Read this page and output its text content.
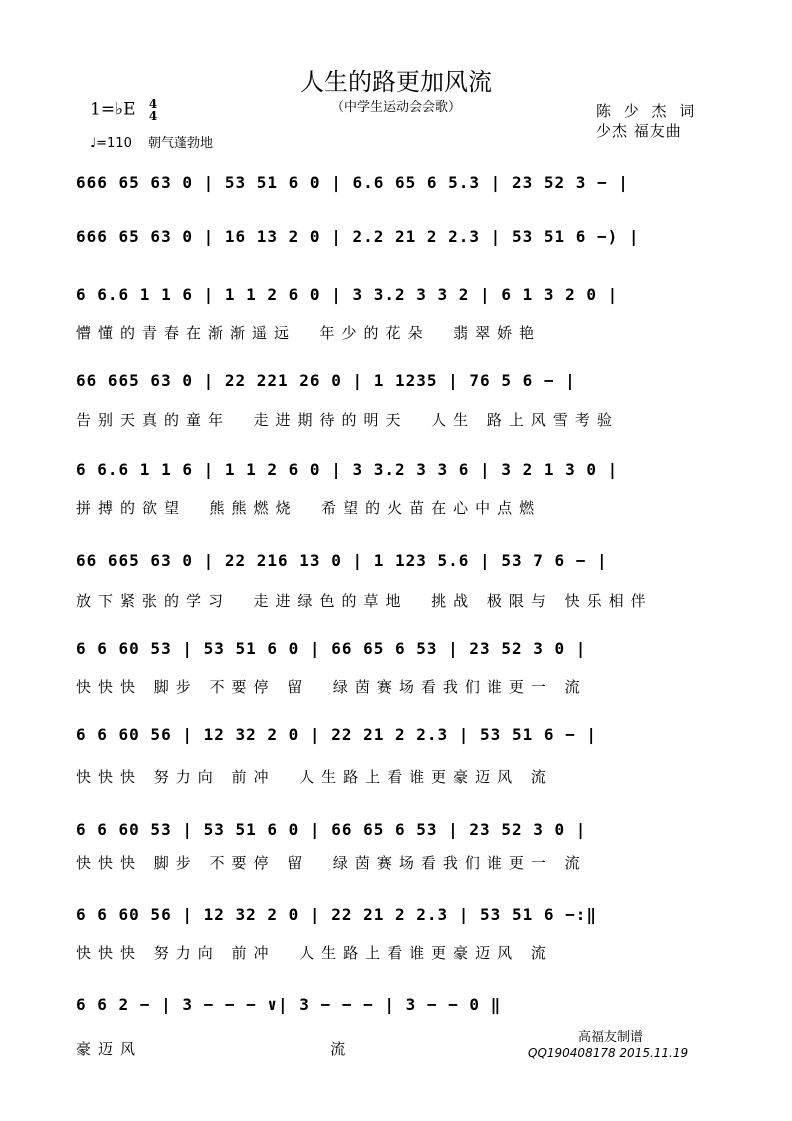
人生的路更加风流
（中学生运动会会歌）	陈 少 杰 词
少杰 福友曲
1=♭E 4
4
♩=110 朝气蓬勃地
666 65 63 0 | 53 51 6 0 | 6.6 65 6 5.3 | 23 52 3 − |
666 65 63 0 | 16 13 2 0 | 2.2 21 2 2.3 | 53 51 6 −) |
6 6.6 1 1 6 | 1 1 2 6 0 | 3 3.2 3 3 2 | 6 1 3 2 0 |
懵懂的青春在渐渐遥远  年少的花朵  翡翠娇艳
66 665 63 0 | 22 221 26 0 | 1 1235 | 76 5 6 − |
告别天真的童年  走进期待的明天  人生 路上风雪考验
6 6.6 1 1 6 | 1 1 2 6 0 | 3 3.2 3 3 6 | 3 2 1 3 0 |
拼搏的欲望  熊熊燃烧  希望的火苗在心中点燃
66 665 63 0 | 22 216 13 0 | 1 123 5.6 | 53 7 6 − |
放下紧张的学习  走进绿色的草地  挑战 极限与 快乐相伴
6 6 60 53 | 53 51 6 0 | 66 65 6 53 | 23 52 3 0 |
快快快 脚步 不要停 留  绿茵赛场看我们谁更一 流
6 6 60 56 | 12 32 2 0 | 22 21 2 2.3 | 53 51 6 − |
快快快 努力向 前冲  人生路上看谁更豪迈风 流
6 6 60 53 | 53 51 6 0 | 66 65 6 53 | 23 52 3 0 |
快快快 脚步 不要停 留  绿茵赛场看我们谁更一 流
6 6 60 56 | 12 32 2 0 | 22 21 2 2.3 | 53 51 6 −:‖
快快快 努力向 前冲  人生路上看谁更豪迈风 流
6 6 2 − | 3 − − − ∨| 3 − − − | 3 − − 0 ‖
豪迈风                流
高福友制谱
QQ190408178 2015.11.19
